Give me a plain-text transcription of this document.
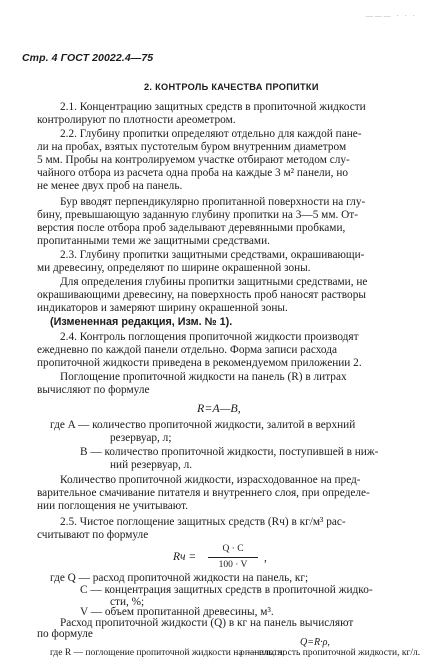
——— · · ·
Стр. 4 ГОСТ 20022.4—75
2. КОНТРОЛЬ КАЧЕСТВА ПРОПИТКИ
2.1. Концентрацию защитных средств в пропиточной жидкости
контролируют по плотности ареометром.
2.2. Глубину пропитки определяют отдельно для каждой пане-
ли на пробах, взятых пустотелым буром внутренним диаметром
5 мм. Пробы на контролируемом участке отбирают методом слу-
чайного отбора из расчета одна проба на каждые 3 м² панели, но
не менее двух проб на панель.
Бур вводят перпендикулярно пропитанной поверхности на глу-
бину, превышающую заданную глубину пропитки на 3—5 мм. От-
верстия после отбора проб заделывают деревянными пробками,
пропитанными теми же защитными средствами.
2.3. Глубину пропитки защитными средствами, окрашивающи-
ми древесину, определяют по ширине окрашенной зоны.
Для определения глубины пропитки защитными средствами, не
окрашивающими древесину, на поверхность проб наносят растворы
индикаторов и замеряют ширину окрашенной зоны.
(Измененная редакция, Изм. № 1).
2.4. Контроль поглощения пропиточной жидкости производят
ежедневно по каждой панели отдельно. Форма записи расхода
пропиточной жидкости приведена в рекомендуемом приложении 2.
Поглощение пропиточной жидкости на панель (R) в литрах
вычисляют по формуле
R=A—B,
где A — количество пропиточной жидкости, залитой в верхний
резервуар, л;
B — количество пропиточной жидкости, поступившей в ниж-
ний резервуар, л.
Количество пропиточной жидкости, израсходованное на пред-
варительное смачивание питателя и внутреннего слоя, при определе-
нии поглощения не учитывают.
2.5. Чистое поглощение защитных средств (Rч) в кг/м³ рас-
считывают по формуле
Rч =
Q · C
100 · V
,
где Q — расход пропиточной жидкости на панель, кг;
C — концентрация защитных средств в пропиточной жидко-
сти, %;
V — объем пропитанной древесины, м³.
Расход пропиточной жидкости (Q) в кг на панель вычисляют
по формуле
Q=R·ρ,
где R — поглощение пропиточной жидкости на панель, л;
ρ — плотность пропиточной жидкости, кг/л.
